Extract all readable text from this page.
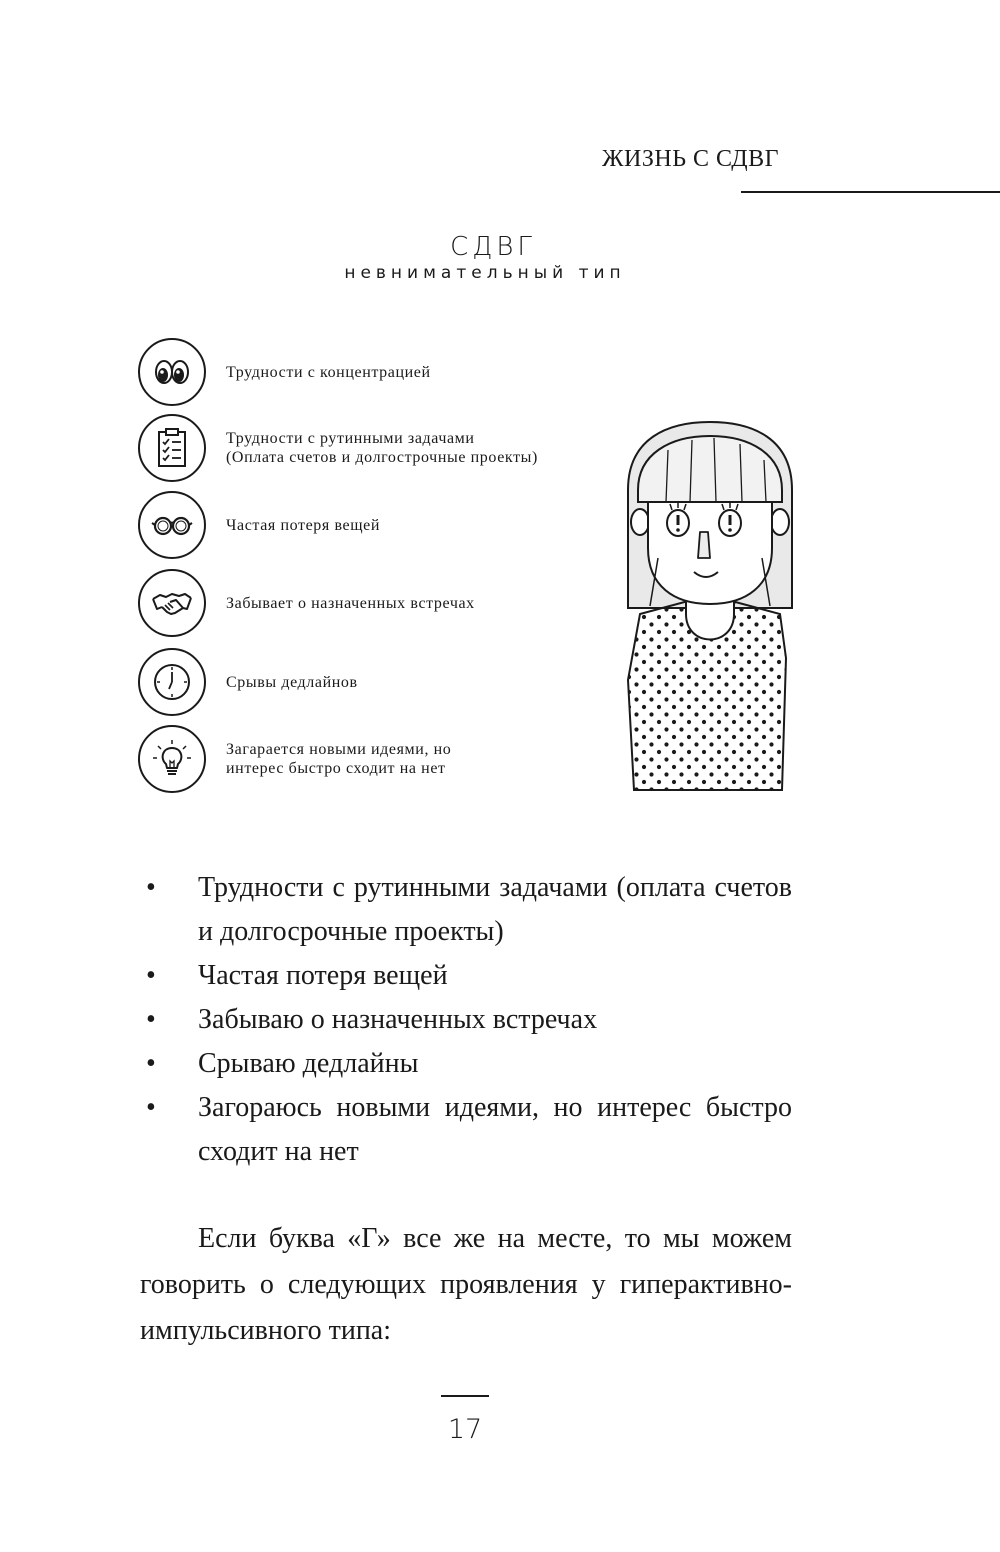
ЖИЗНЬ С СДВГ
СДВГ
невнимательный тип
Трудности с концентрацией
Трудности с рутинными задачами
(Оплата счетов и долгострочные проекты)
Частая потеря вещей
Забывает о назначенных встречах
Срывы дедлайнов
Загарается новыми идеями, но
интерес быстро сходит на нет
• Трудности с рутинными задачами (оплата счетов и долгосрочные проекты)
• Частая потеря вещей
• Забываю о назначенных встречах
• Срываю дедлайны
• Загораюсь новыми идеями, но интерес быстро сходит на нет

Если буква «Г» все же на месте, то мы можем говорить о следующих проявления у гиперактивно-импульсивного типа:

17
